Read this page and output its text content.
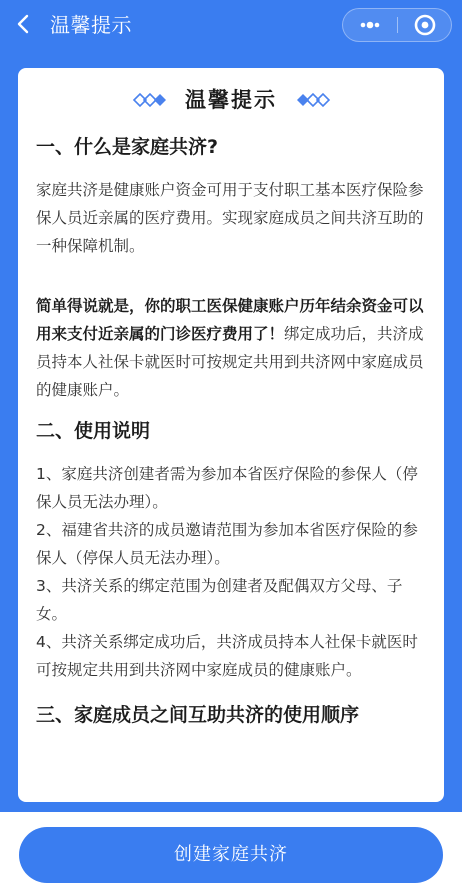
温馨提示
温馨提示
一、什么是家庭共济?

家庭共济是健康账户资金可用于支付职工基本医疗保险参保人员近亲属的医疗费用。实现家庭成员之间共济互助的一种保障机制。

简单得说就是，你的职工医保健康账户历年结余资金可以用来支付近亲属的门诊医疗费用了！绑定成功后，共济成员持本人社保卡就医时可按规定共用到共济网中家庭成员的健康账户。

二、使用说明

1、家庭共济创建者需为参加本省医疗保险的参保人（停保人员无法办理）。

2、福建省共济的成员邀请范围为参加本省医疗保险的参保人（停保人员无法办理）。

3、共济关系的绑定范围为创建者及配偶双方父母、子女。

4、共济关系绑定成功后，共济成员持本人社保卡就医时可按规定共用到共济网中家庭成员的健康账户。

三、家庭成员之间互助共济的使用顺序
创建家庭共济
